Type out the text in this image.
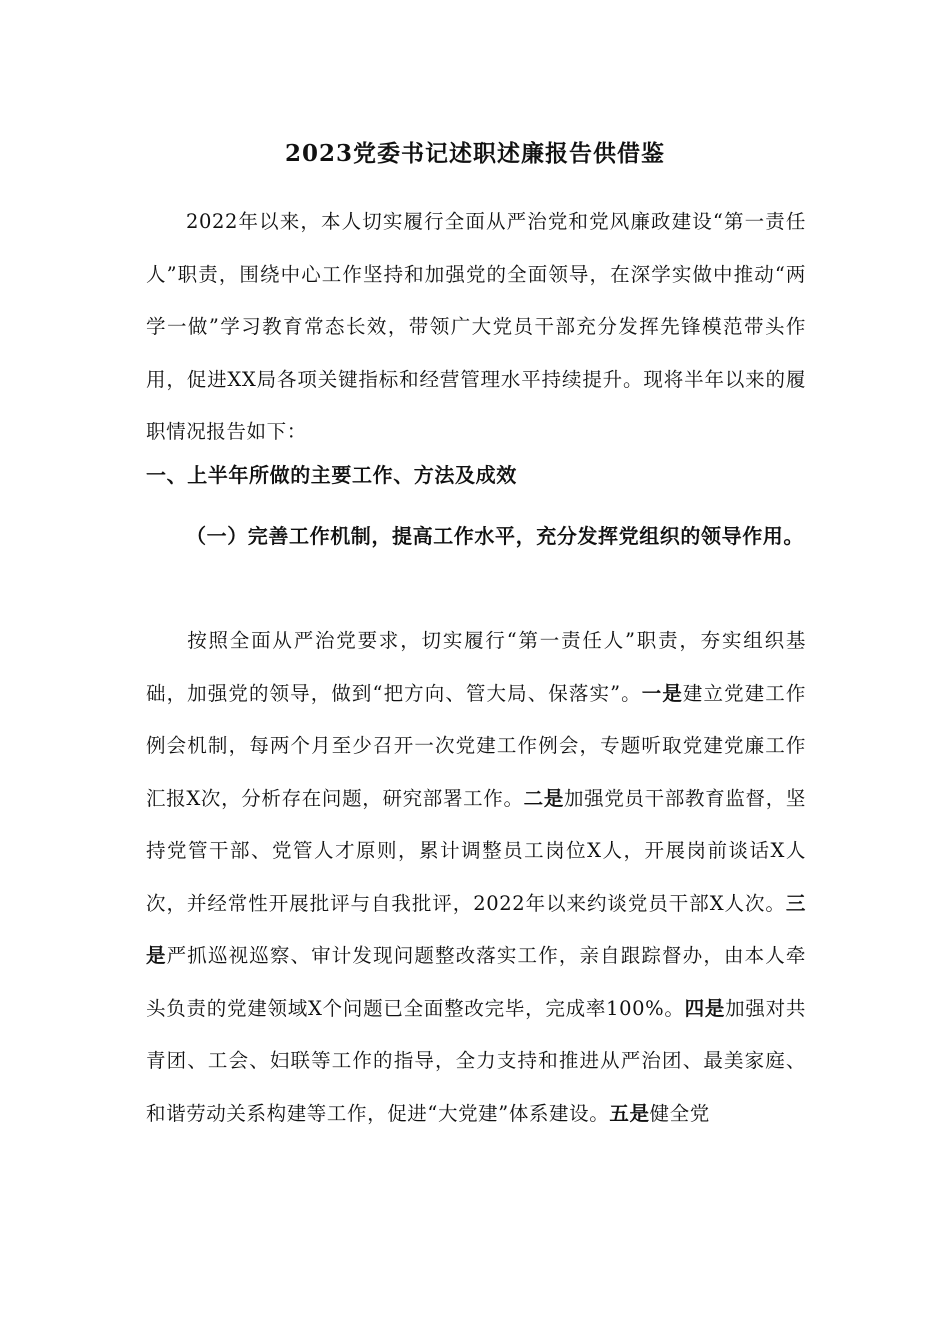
2023党委书记述职述廉报告供借鉴
2022年以来，本人切实履行全面从严治党和党风廉政建设“第一责任人”职责，围绕中心工作坚持和加强党的全面领导，在深学实做中推动“两学一做”学习教育常态长效，带领广大党员干部充分发挥先锋模范带头作用，促进XX局各项关键指标和经营管理水平持续提升。现将半年以来的履职情况报告如下：
一、上半年所做的主要工作、方法及成效
（一）完善工作机制，提高工作水平，充分发挥党组织的领导作用。
按照全面从严治党要求，切实履行“第一责任人”职责，夯实组织基础，加强党的领导，做到“把方向、管大局、保落实”。一是建立党建工作例会机制，每两个月至少召开一次党建工作例会，专题听取党建党廉工作汇报X次，分析存在问题，研究部署工作。二是加强党员干部教育监督，坚持党管干部、党管人才原则，累计调整员工岗位X人，开展岗前谈话X人次，并经常性开展批评与自我批评，2022年以来约谈党员干部X人次。三是严抓巡视巡察、审计发现问题整改落实工作，亲自跟踪督办，由本人牵头负责的党建领域X个问题已全面整改完毕，完成率100%。四是加强对共青团、工会、妇联等工作的指导，全力支持和推进从严治团、最美家庭、和谐劳动关系构建等工作，促进“大党建”体系建设。五是健全党
